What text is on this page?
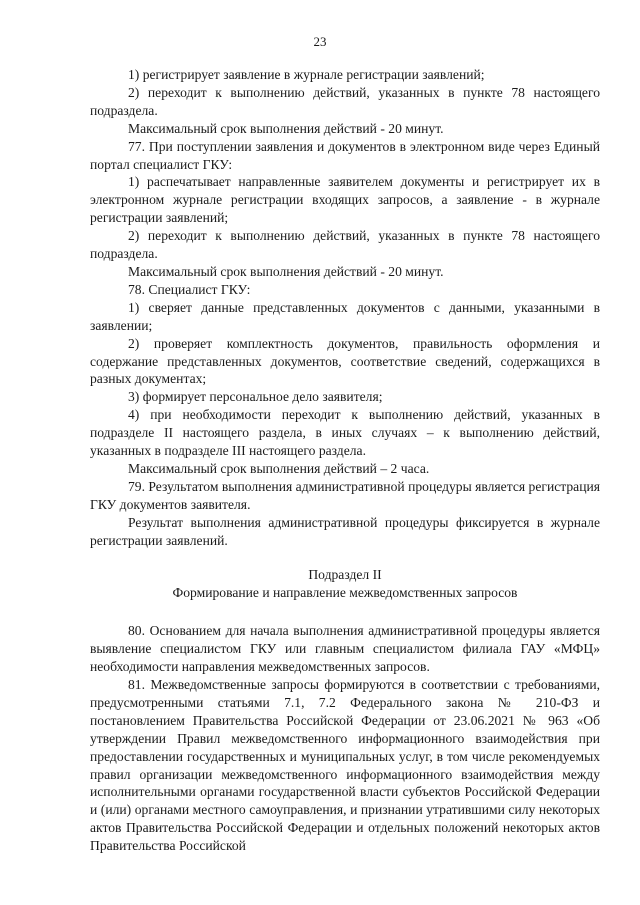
23

1) регистрирует заявление в журнале регистрации заявлений;

2) переходит к выполнению действий, указанных в пункте 78 настоящего подраздела.

Максимальный срок выполнения действий - 20 минут.

77. При поступлении заявления и документов в электронном виде через Единый портал специалист ГКУ:

1) распечатывает направленные заявителем документы и регистрирует их в электронном журнале регистрации входящих запросов, а заявление - в журнале регистрации заявлений;

2) переходит к выполнению действий, указанных в пункте 78 настоящего подраздела.

Максимальный срок выполнения действий - 20 минут.

78. Специалист ГКУ:

1) сверяет данные представленных документов с данными, указанными в заявлении;

2) проверяет комплектность документов, правильность оформления и содержание представленных документов, соответствие сведений, содержащихся в разных документах;

3) формирует персональное дело заявителя;

4) при необходимости переходит к выполнению действий, указанных в подразделе II настоящего раздела, в иных случаях – к выполнению действий, указанных в подразделе III настоящего раздела.

Максимальный срок выполнения действий – 2 часа.

79. Результатом выполнения административной процедуры является регистрация ГКУ документов заявителя.

Результат выполнения административной процедуры фиксируется в журнале регистрации заявлений.

Подраздел II

Формирование и направление межведомственных запросов

80. Основанием для начала выполнения административной процедуры является выявление специалистом ГКУ или главным специалистом филиала ГАУ «МФЦ» необходимости направления межведомственных запросов.

81. Межведомственные запросы формируются в соответствии с требованиями, предусмотренными статьями 7.1, 7.2 Федерального закона № 210-ФЗ и постановлением Правительства Российской Федерации от 23.06.2021 № 963 «Об утверждении Правил межведомственного информационного взаимодействия при предоставлении государственных и муниципальных услуг, в том числе рекомендуемых правил организации межведомственного информационного взаимодействия между исполнительными органами государственной власти субъектов Российской Федерации и (или) органами местного самоуправления, и признании утратившими силу некоторых актов Правительства Российской Федерации и отдельных положений некоторых актов Правительства Российской
